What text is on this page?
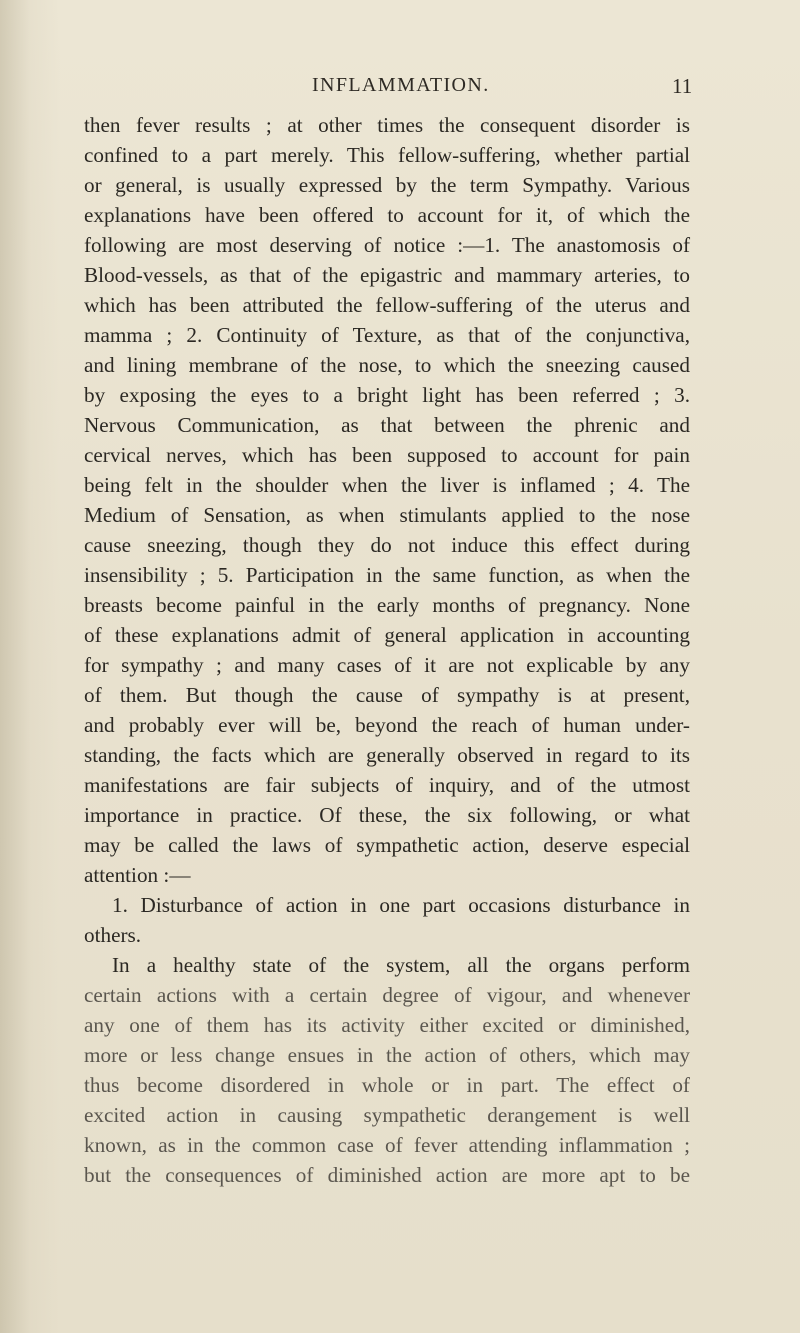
INFLAMMATION.	11
then fever results ; at other times the consequent disorder is
confined to a part merely. This fellow-suffering, whether partial
or general, is usually expressed by the term Sympathy. Various
explanations have been offered to account for it, of which the
following are most deserving of notice :—1. The anastomosis of
Blood-vessels, as that of the epigastric and mammary arteries, to
which has been attributed the fellow-suffering of the uterus and
mamma ; 2. Continuity of Texture, as that of the conjunctiva,
and lining membrane of the nose, to which the sneezing caused
by exposing the eyes to a bright light has been referred ; 3.
Nervous Communication, as that between the phrenic and
cervical nerves, which has been supposed to account for pain
being felt in the shoulder when the liver is inflamed ; 4. The
Medium of Sensation, as when stimulants applied to the nose
cause sneezing, though they do not induce this effect during
insensibility ; 5. Participation in the same function, as when the
breasts become painful in the early months of pregnancy. None
of these explanations admit of general application in accounting
for sympathy ; and many cases of it are not explicable by any
of them. But though the cause of sympathy is at present,
and probably ever will be, beyond the reach of human under-
standing, the facts which are generally observed in regard to its
manifestations are fair subjects of inquiry, and of the utmost
importance in practice. Of these, the six following, or what
may be called the laws of sympathetic action, deserve especial
attention :—
1. Disturbance of action in one part occasions disturbance in
others.
In a healthy state of the system, all the organs perform
certain actions with a certain degree of vigour, and whenever
any one of them has its activity either excited or diminished,
more or less change ensues in the action of others, which may
thus become disordered in whole or in part. The effect of
excited action in causing sympathetic derangement is well
known, as in the common case of fever attending inflammation ;
but the consequences of diminished action are more apt to be
